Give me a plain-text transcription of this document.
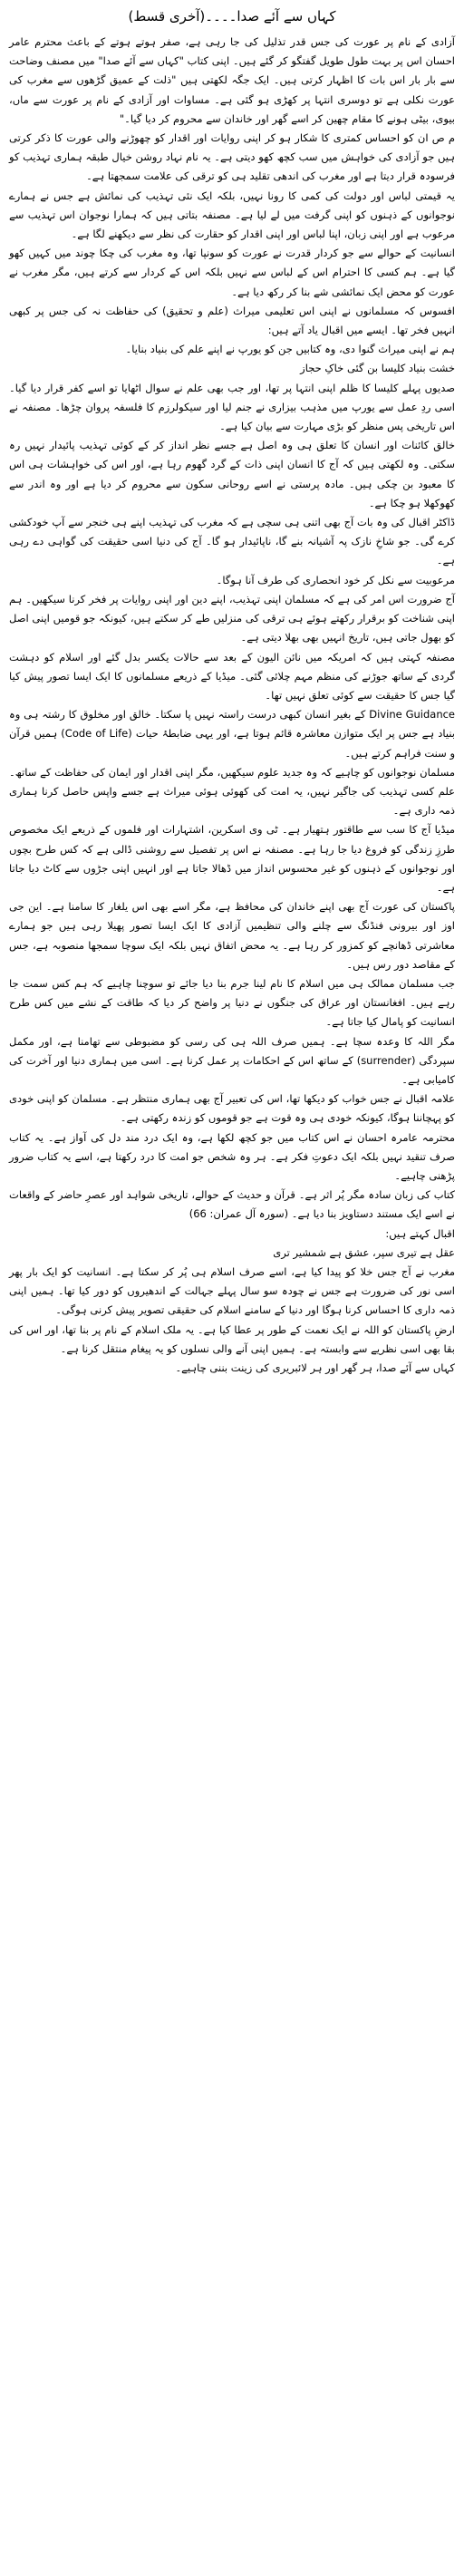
کہاں سے آئے صدا۔۔۔۔(آخری قسط)

آزادی کے نام پر عورت کی جس قدر تذلیل کی جا رہی ہے، صفر ہوتے ہوتے کے باعث محترم عامر احسان اس پر بہت طول طویل گفتگو کر گئے ہیں۔ اپنی کتاب "کہاں سے آئے صدا" میں مصنف وضاحت سے بار بار اس بات کا اظہار کرتی ہیں۔ ایک جگہ لکھتی ہیں "ذلت کے عمیق گڑھوں سے مغرب کی عورت نکلی ہے تو دوسری انتہا پر کھڑی ہو گئی ہے۔ مساوات اور آزادی کے نام پر عورت سے ماں، بیوی، بیٹی ہونے کا مقام چھین کر اسے گھر اور خاندان سے محروم کر دیا گیا۔"

م ص ان کو احساس کمتری کا شکار ہو کر اپنی روایات اور اقدار کو چھوڑنے والی عورت کا ذکر کرتی ہیں جو آزادی کی خواہش میں سب کچھ کھو دیتی ہے۔ یہ نام نہاد روشن خیال طبقہ ہماری تہذیب کو فرسودہ قرار دیتا ہے اور مغرب کی اندھی تقلید ہی کو ترقی کی علامت سمجھتا ہے۔

یہ قیمتی لباس اور دولت کی کمی کا رونا نہیں، بلکہ ایک نئی تہذیب کی نمائش ہے جس نے ہمارے نوجوانوں کے ذہنوں کو اپنی گرفت میں لے لیا ہے۔ مصنفہ بتاتی ہیں کہ ہمارا نوجوان اس تہذیب سے مرعوب ہے اور اپنی زبان، اپنا لباس اور اپنی اقدار کو حقارت کی نظر سے دیکھنے لگا ہے۔

انسانیت کے حوالے سے جو کردار قدرت نے عورت کو سونپا تھا، وہ مغرب کی چکا چوند میں کہیں کھو گیا ہے۔ ہم کسی کا احترام اس کے لباس سے نہیں بلکہ اس کے کردار سے کرتے ہیں، مگر مغرب نے عورت کو محض ایک نمائشی شے بنا کر رکھ دیا ہے۔

افسوس کہ مسلمانوں نے اپنی اس تعلیمی میراث (علم و تحقیق) کی حفاظت نہ کی جس پر کبھی انہیں فخر تھا۔ ایسے میں اقبال یاد آتے ہیں:

ہم نے اپنی میراث گنوا دی، وہ کتابیں جن کو یورپ نے اپنے علم کی بنیاد بنایا۔

خشت بنیاد کلیسا بن گئی خاکِ حجاز

صدیوں پہلے کلیسا کا ظلم اپنی انتہا پر تھا، اور جب بھی علم نے سوال اٹھایا تو اسے کفر قرار دیا گیا۔ اسی ردِ عمل سے یورپ میں مذہب بیزاری نے جنم لیا اور سیکولرزم کا فلسفہ پروان چڑھا۔ مصنفہ نے اس تاریخی پس منظر کو بڑی مہارت سے بیان کیا ہے۔

خالق کائنات اور انسان کا تعلق ہی وہ اصل ہے جسے نظر انداز کر کے کوئی تہذیب پائیدار نہیں رہ سکتی۔ وہ لکھتی ہیں کہ آج کا انسان اپنی ذات کے گرد گھوم رہا ہے، اور اس کی خواہشات ہی اس کا معبود بن چکی ہیں۔ مادہ پرستی نے اسے روحانی سکون سے محروم کر دیا ہے اور وہ اندر سے کھوکھلا ہو چکا ہے۔

ڈاکٹر اقبال کی وہ بات آج بھی اتنی ہی سچی ہے کہ مغرب کی تہذیب اپنے ہی خنجر سے آپ خودکشی کرے گی۔ جو شاخِ نازک پہ آشیانہ بنے گا، ناپائیدار ہو گا۔ آج کی دنیا اسی حقیقت کی گواہی دے رہی ہے۔

مرعوبیت سے نکل کر خود انحصاری کی طرف آنا ہوگا۔

آج ضرورت اس امر کی ہے کہ مسلمان اپنی تہذیب، اپنے دین اور اپنی روایات پر فخر کرنا سیکھیں۔ ہم اپنی شناخت کو برقرار رکھتے ہوئے ہی ترقی کی منزلیں طے کر سکتے ہیں، کیونکہ جو قومیں اپنی اصل کو بھول جاتی ہیں، تاریخ انہیں بھی بھلا دیتی ہے۔

مصنفہ کہتی ہیں کہ امریکہ میں نائن الیون کے بعد سے حالات یکسر بدل گئے اور اسلام کو دہشت گردی کے ساتھ جوڑنے کی منظم مہم چلائی گئی۔ میڈیا کے ذریعے مسلمانوں کا ایک ایسا تصور پیش کیا گیا جس کا حقیقت سے کوئی تعلق نہیں تھا۔

Divine Guidance کے بغیر انسان کبھی درست راستہ نہیں پا سکتا۔ خالق اور مخلوق کا رشتہ ہی وہ بنیاد ہے جس پر ایک متوازن معاشرہ قائم ہوتا ہے، اور یہی ضابطۂ حیات (Code of Life) ہمیں قرآن و سنت فراہم کرتے ہیں۔

مسلمان نوجوانوں کو چاہیے کہ وہ جدید علوم سیکھیں، مگر اپنی اقدار اور ایمان کی حفاظت کے ساتھ۔ علم کسی تہذیب کی جاگیر نہیں، یہ امت کی کھوئی ہوئی میراث ہے جسے واپس حاصل کرنا ہماری ذمہ داری ہے۔

میڈیا آج کا سب سے طاقتور ہتھیار ہے۔ ٹی وی اسکرین، اشتہارات اور فلموں کے ذریعے ایک مخصوص طرزِ زندگی کو فروغ دیا جا رہا ہے۔ مصنفہ نے اس پر تفصیل سے روشنی ڈالی ہے کہ کس طرح بچوں اور نوجوانوں کے ذہنوں کو غیر محسوس انداز میں ڈھالا جاتا ہے اور انہیں اپنی جڑوں سے کاٹ دیا جاتا ہے۔

پاکستان کی عورت آج بھی اپنے خاندان کی محافظ ہے، مگر اسے بھی اس یلغار کا سامنا ہے۔ این جی اوز اور بیرونی فنڈنگ سے چلنے والی تنظیمیں آزادی کا ایک ایسا تصور پھیلا رہی ہیں جو ہمارے معاشرتی ڈھانچے کو کمزور کر رہا ہے۔ یہ محض اتفاق نہیں بلکہ ایک سوچا سمجھا منصوبہ ہے، جس کے مقاصد دور رس ہیں۔

جب مسلمان ممالک ہی میں اسلام کا نام لینا جرم بنا دیا جائے تو سوچنا چاہیے کہ ہم کس سمت جا رہے ہیں۔ افغانستان اور عراق کی جنگوں نے دنیا پر واضح کر دیا کہ طاقت کے نشے میں کس طرح انسانیت کو پامال کیا جاتا ہے۔

مگر اللہ کا وعدہ سچا ہے۔ ہمیں صرف اللہ ہی کی رسی کو مضبوطی سے تھامنا ہے، اور مکمل سپردگی (surrender) کے ساتھ اس کے احکامات پر عمل کرنا ہے۔ اسی میں ہماری دنیا اور آخرت کی کامیابی ہے۔

علامہ اقبال نے جس خواب کو دیکھا تھا، اس کی تعبیر آج بھی ہماری منتظر ہے۔ مسلمان کو اپنی خودی کو پہچاننا ہوگا، کیونکہ خودی ہی وہ قوت ہے جو قوموں کو زندہ رکھتی ہے۔

محترمہ عامرہ احسان نے اس کتاب میں جو کچھ لکھا ہے، وہ ایک درد مند دل کی آواز ہے۔ یہ کتاب صرف تنقید نہیں بلکہ ایک دعوتِ فکر ہے۔ ہر وہ شخص جو امت کا درد رکھتا ہے، اسے یہ کتاب ضرور پڑھنی چاہیے۔

کتاب کی زبان سادہ مگر پُر اثر ہے۔ قرآن و حدیث کے حوالے، تاریخی شواہد اور عصرِ حاضر کے واقعات نے اسے ایک مستند دستاویز بنا دیا ہے۔ (سورہ آل عمران: 66)

اقبال کہتے ہیں:

عقل ہے تیری سپر، عشق ہے شمشیر تری

مغرب نے آج جس خلا کو پیدا کیا ہے، اسے صرف اسلام ہی پُر کر سکتا ہے۔ انسانیت کو ایک بار پھر اسی نور کی ضرورت ہے جس نے چودہ سو سال پہلے جہالت کے اندھیروں کو دور کیا تھا۔ ہمیں اپنی ذمہ داری کا احساس کرنا ہوگا اور دنیا کے سامنے اسلام کی حقیقی تصویر پیش کرنی ہوگی۔

ارضِ پاکستان کو اللہ نے ایک نعمت کے طور پر عطا کیا ہے۔ یہ ملک اسلام کے نام پر بنا تھا، اور اس کی بقا بھی اسی نظریے سے وابستہ ہے۔ ہمیں اپنی آنے والی نسلوں کو یہ پیغام منتقل کرنا ہے۔

کہاں سے آئے صدا، ہر گھر اور ہر لائبریری کی زینت بننی چاہیے۔
